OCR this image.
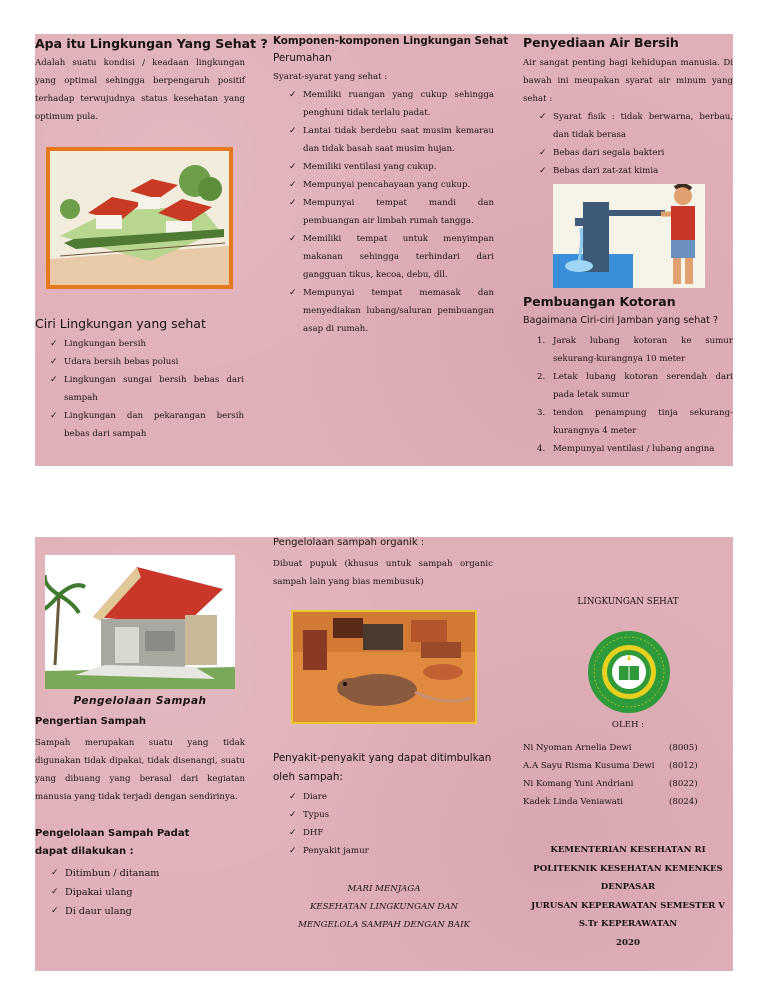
Apa itu Lingkungan Yang Sehat ?
Adalah suatu kondisi / keadaan lingkungan yang optimal sehingga berpengaruh positif terhadap terwujudnya status kesehatan yang optimum pula.
Ciri Lingkungan yang sehat
✓ Lingkungan bersih
✓ Udara bersih bebas polusi
✓ Lingkungan sungai bersih bebas dari sampah
✓ Lingkungan dan pekarangan bersih bebas dari sampah
Komponen-komponen Lingkungan Sehat
Perumahan
Syarat-syarat yang sehat :
✓ Memiliki ruangan yang cukup sehingga penghuni tidak terlalu padat.
✓ Lantai tidak berdebu saat musim kemarau dan tidak basah saat musim hujan.
✓ Memiliki ventilasi yang cukup.
✓ Mempunyai pencahayaan yang cukup.
✓ Mempunyai tempat mandi dan pembuangan air limbah rumah tangga.
✓ Memiliki tempat untuk menyimpan makanan sehingga terhindari dari gangguan tikus, kecoa, debu, dll.
✓ Mempunyai tempat memasak dan menyediakan lubang/saluran pembuangan asap di rumah.
Penyediaan Air Bersih
Air sangat penting bagi kehidupan manusia. Di bawah ini meupakan syarat air minum yang sehat :
✓ Syarat fisik : tidak berwarna, berbau, dan tidak berasa
✓ Bebas dari segala bakteri
✓ Bebas dari zat-zat kimia
Pembuangan Kotoran
Bagaimana Ciri-ciri Jamban yang sehat ?
1. Jarak lubang kotoran ke sumur sekurang-kurangnya 10 meter
2. Letak lubang kotoran serendah dari pada letak sumur
3. tendon penampung tinja sekurang-kurangnya 4 meter
4. Mempunyai ventilasi / lubang angina
Pengelolaan Sampah
Pengertian Sampah
Sampah merupakan suatu yang tidak digunakan tidak dipakai, tidak disenangi, suatu yang dibuang yang berasal dari kegiatan manusia yang tidak terjadi dengan sendirinya.
Pengelolaan Sampah Padat dapat dilakukan :
✓ Ditimbun / ditanam
✓ Dipakai ulang
✓ Di daur ulang
Pengelolaan sampah organik :
Dibuat pupuk (khusus untuk sampah organic sampah lain yang bias membusuk)
Penyakit-penyakit yang dapat ditimbulkan oleh sampah:
✓ Diare
✓ Typus
✓ DHF
✓ Penyakit jamur
MARI MENJAGA
KESEHATAN LINGKUNGAN DAN
MENGELOLA SAMPAH DENGAN BAIK
LINGKUNGAN SEHAT
OLEH :
Ni Nyoman Arnelia Dewi	(8005)
A.A Sayu Risma Kusuma Dewi (8012)
Ni Komang Yuni Andriani	(8022)
Kadek Linda Veniawati	(8024)
KEMENTERIAN KESEHATAN RI
POLITEKNIK KESEHATAN KEMENKES
DENPASAR
JURUSAN KEPERAWATAN SEMESTER V
S.Tr KEPERAWATAN
2020
